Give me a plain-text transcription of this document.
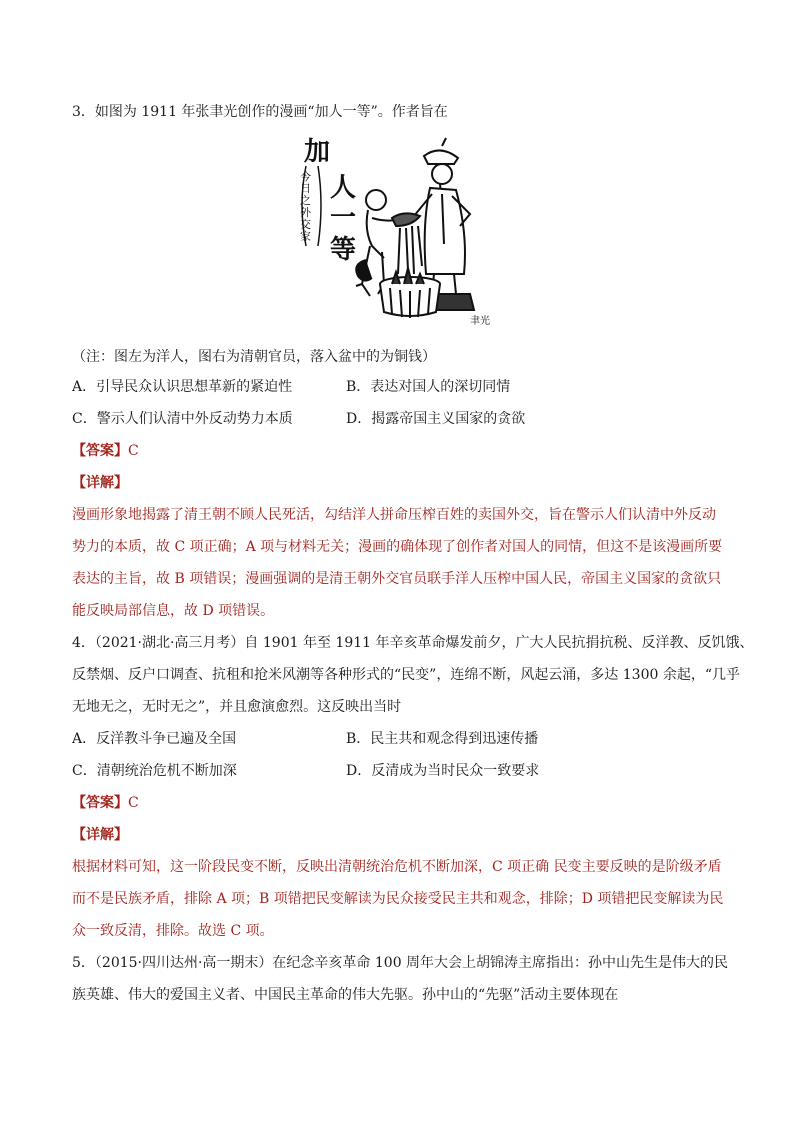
3．如图为 1911 年张聿光创作的漫画“加人一等”。作者旨在
加
人
一
等
今
日
之
外
交
家
聿光
（注：图左为洋人，图右为清朝官员，落入盆中的为铜钱）
A．引导民众认识思想革新的紧迫性	B．表达对国人的深切同情
C．警示人们认清中外反动势力本质	D．揭露帝国主义国家的贪欲
【答案】C
【详解】
漫画形象地揭露了清王朝不顾人民死活，勾结洋人拼命压榨百姓的卖国外交，旨在警示人们认清中外反动
势力的本质，故 C 项正确；A 项与材料无关；漫画的确体现了创作者对国人的同情，但这不是该漫画所要
表达的主旨，故 B 项错误；漫画强调的是清王朝外交官员联手洋人压榨中国人民，帝国主义国家的贪欲只
能反映局部信息，故 D 项错误。
4．（2021·湖北·高三月考）自 1901 年至 1911 年辛亥革命爆发前夕，广大人民抗捐抗税、反洋教、反饥饿、
反禁烟、反户口调查、抗租和抢米风潮等各种形式的“民变”，连绵不断，风起云涌，多达 1300 余起，“几乎
无地无之，无时无之”，并且愈演愈烈。这反映出当时
A．反洋教斗争已遍及全国	B．民主共和观念得到迅速传播
C．清朝统治危机不断加深	D．反清成为当时民众一致要求
【答案】C
【详解】
根据材料可知，这一阶段民变不断，反映出清朝统治危机不断加深，C 项正确 民变主要反映的是阶级矛盾
而不是民族矛盾，排除 A 项；B 项错把民变解读为民众接受民主共和观念，排除；D 项错把民变解读为民
众一致反清，排除。故选 C 项。
5．（2015·四川达州·高一期末）在纪念辛亥革命 100 周年大会上胡锦涛主席指出：孙中山先生是伟大的民
族英雄、伟大的爱国主义者、中国民主革命的伟大先驱。孙中山的“先驱”活动主要体现在
